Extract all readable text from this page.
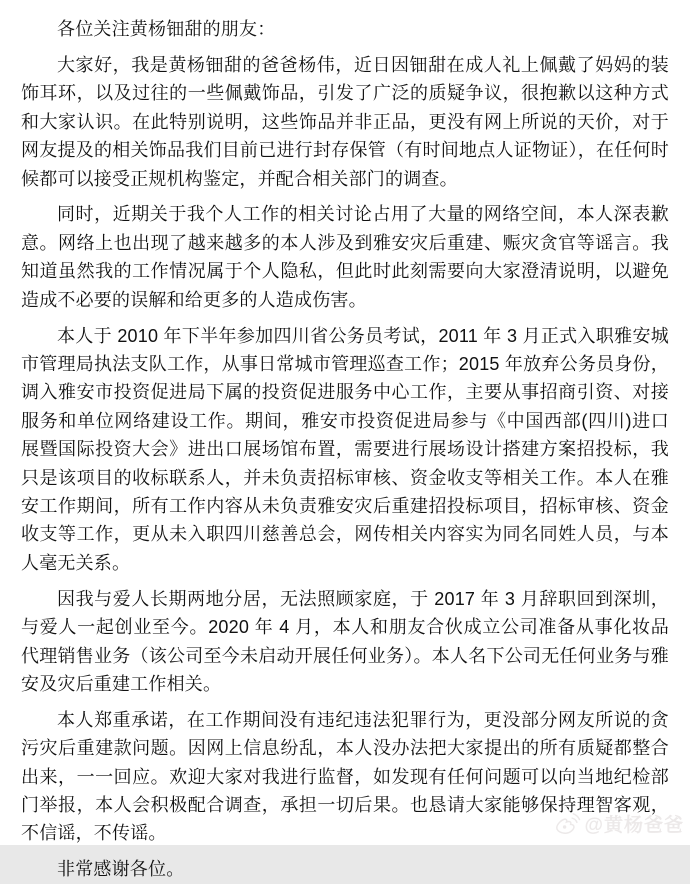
各位关注黄杨钿甜的朋友：

大家好，我是黄杨钿甜的爸爸杨伟，近日因钿甜在成人礼上佩戴了妈妈的装饰耳环，以及过往的一些佩戴饰品，引发了广泛的质疑争议，很抱歉以这种方式和大家认识。在此特别说明，这些饰品并非正品，更没有网上所说的天价，对于网友提及的相关饰品我们目前已进行封存保管（有时间地点人证物证），在任何时候都可以接受正规机构鉴定，并配合相关部门的调查。

同时，近期关于我个人工作的相关讨论占用了大量的网络空间，本人深表歉意。网络上也出现了越来越多的本人涉及到雅安灾后重建、赈灾贪官等谣言。我知道虽然我的工作情况属于个人隐私，但此时此刻需要向大家澄清说明，以避免造成不必要的误解和给更多的人造成伤害。

本人于 2010 年下半年参加四川省公务员考试，2011 年 3 月正式入职雅安城市管理局执法支队工作，从事日常城市管理巡查工作；2015 年放弃公务员身份，调入雅安市投资促进局下属的投资促进服务中心工作，主要从事招商引资、对接服务和单位网络建设工作。期间，雅安市投资促进局参与《中国西部(四川)进口展暨国际投资大会》进出口展场馆布置，需要进行展场设计搭建方案招投标，我只是该项目的收标联系人，并未负责招标审核、资金收支等相关工作。本人在雅安工作期间，所有工作内容从未负责雅安灾后重建招投标项目，招标审核、资金收支等工作，更从未入职四川慈善总会，网传相关内容实为同名同姓人员，与本人毫无关系。

因我与爱人长期两地分居，无法照顾家庭，于 2017 年 3 月辞职回到深圳，与爱人一起创业至今。2020 年 4 月，本人和朋友合伙成立公司准备从事化妆品代理销售业务（该公司至今未启动开展任何业务）。本人名下公司无任何业务与雅安及灾后重建工作相关。

本人郑重承诺，在工作期间没有违纪违法犯罪行为，更没部分网友所说的贪污灾后重建款问题。因网上信息纷乱，本人没办法把大家提出的所有质疑都整合出来，一一回应。欢迎大家对我进行监督，如发现有任何问题可以向当地纪检部门举报，本人会积极配合调查，承担一切后果。也恳请大家能够保持理智客观，不信谣，不传谣。

非常感谢各位。

@黄杨爸爸
